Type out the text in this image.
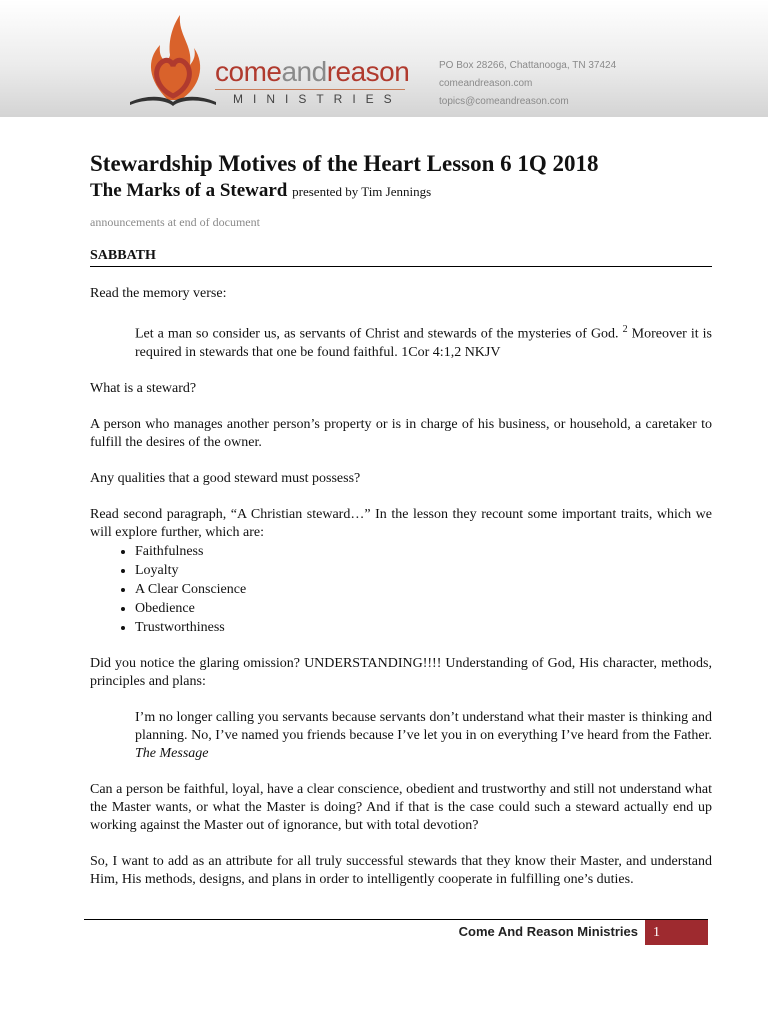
comeandreason
MINISTRIES
PO Box 28266, Chattanooga, TN 37424
comeandreason.com
topics@comeandreason.com
Stewardship Motives of the Heart Lesson 6 1Q 2018
The Marks of a Steward presented by Tim Jennings
announcements at end of document
SABBATH

Read the memory verse:

Let a man so consider us, as servants of Christ and stewards of the mysteries of God. $^2$ Moreover it is required in stewards that one be found faithful. 1Cor 4:1,2 NKJV

What is a steward?

A person who manages another person’s property or is in charge of his business, or household, a caretaker to fulfill the desires of the owner.

Any qualities that a good steward must possess?

Read second paragraph, “A Christian steward…” In the lesson they recount some important traits, which we will explore further, which are:

• Faithfulness
• Loyalty
• A Clear Conscience
• Obedience
• Trustworthiness

Did you notice the glaring omission? UNDERSTANDING!!!! Understanding of God, His character, methods, principles and plans:

I’m no longer calling you servants because servants don’t understand what their master is thinking and planning. No, I’ve named you friends because I’ve let you in on everything I’ve heard from the Father. The Message

Can a person be faithful, loyal, have a clear conscience, obedient and trustworthy and still not understand what the Master wants, or what the Master is doing? And if that is the case could such a steward actually end up working against the Master out of ignorance, but with total devotion?

So, I want to add as an attribute for all truly successful stewards that they know their Master, and understand Him, His methods, designs, and plans in order to intelligently cooperate in fulfilling one’s duties.

Come And Reason Ministries	1
